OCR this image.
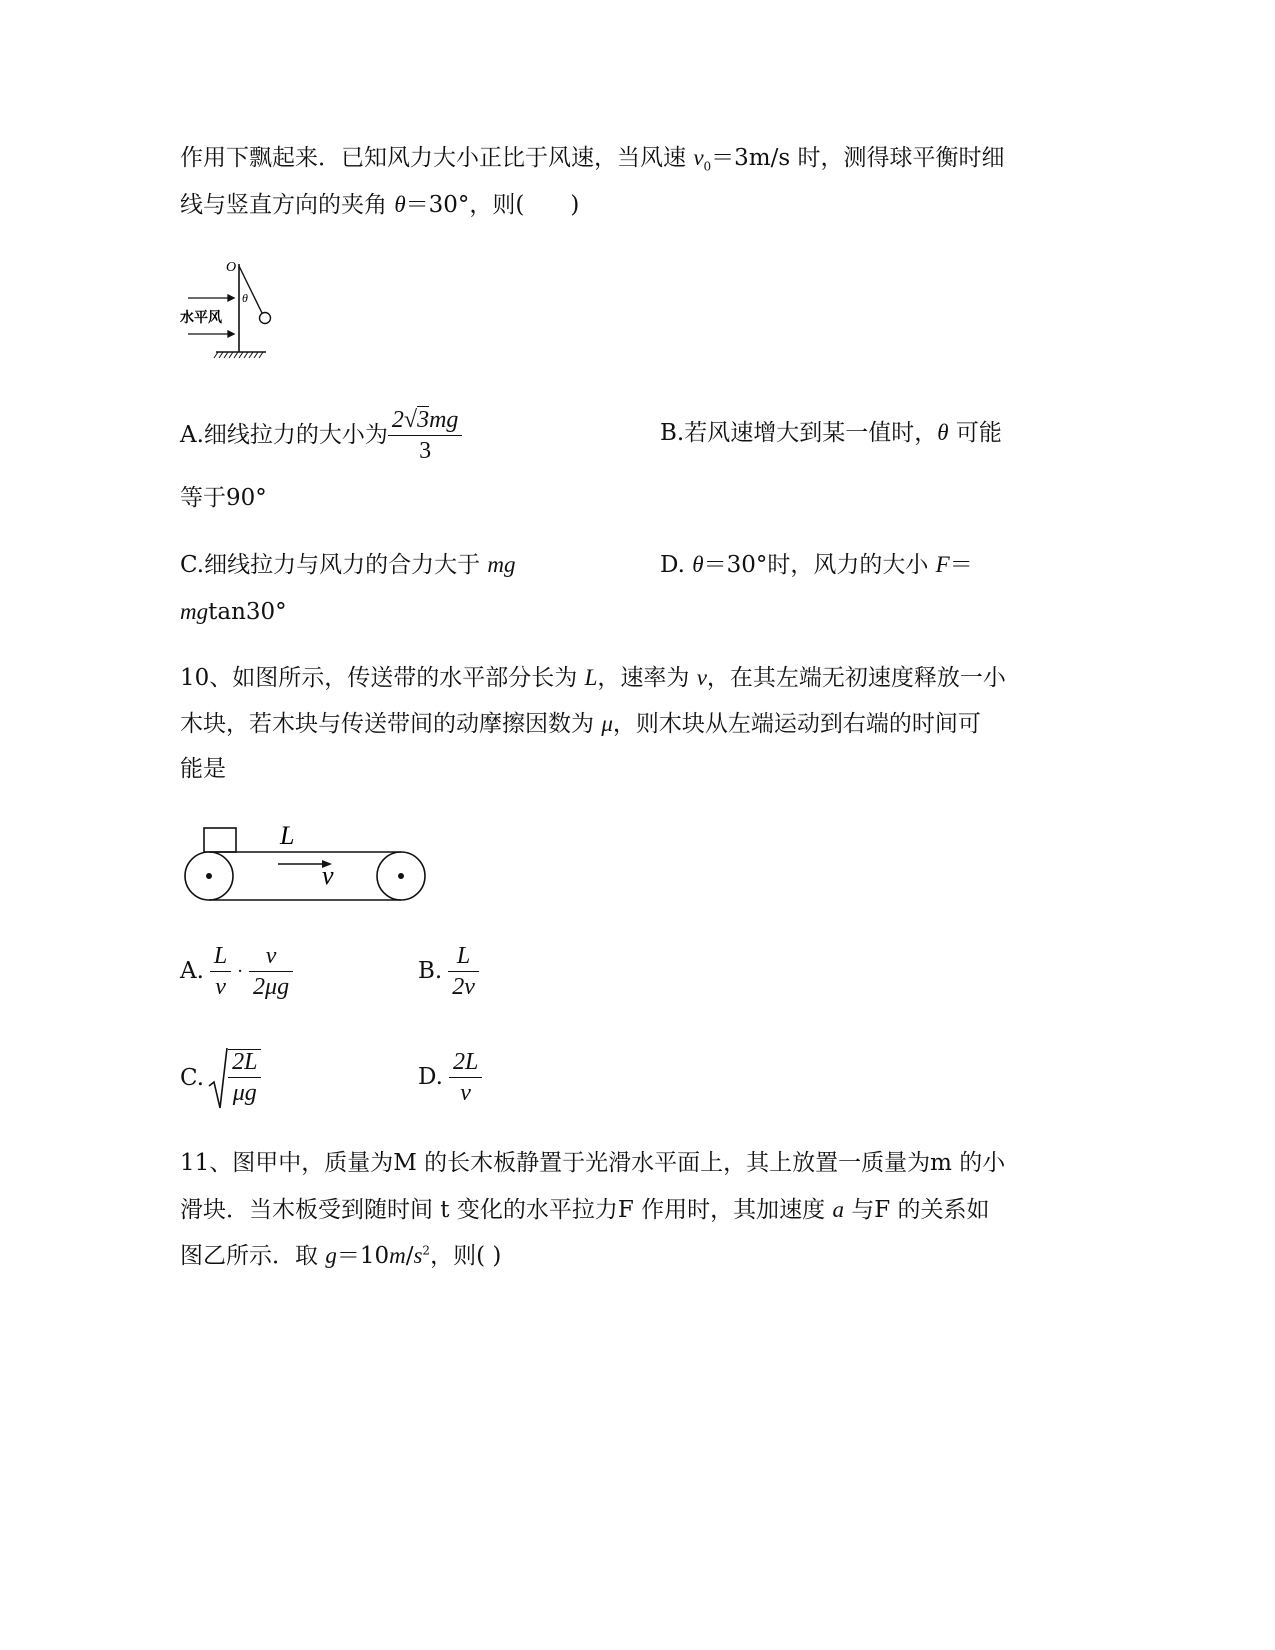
作用下飘起来．已知风力大小正比于风速，当风速 $v_0=3m/s$ 时，测得球平衡时细
线与竖直方向的夹角 θ＝30°，则(　　)
O
θ
水平风
A.细线拉力的大小为 $\frac{2√3mg}{3}$	B.若风速增大到某一值时，θ 可能
等于90°
C.细线拉力与风力的合力大于 mg	D. θ＝30°时，风力的大小 F＝
mgtan30°
10、如图所示，传送带的水平部分长为 L，速率为 v，在其左端无初速度释放一小
木块，若木块与传送带间的动摩擦因数为 μ，则木块从左端运动到右端的时间可
能是
L
v
A. $\frac{L}{v} \cdot \frac{v}{2\mu g}$	B. $\frac{L}{2v}$
C. $\frac{2L}{\mu g}$	D. $\frac{2L}{v}$
11、图甲中，质量为M 的长木板静置于光滑水平面上，其上放置一质量为m 的小
滑块．当木板受到随时间 t 变化的水平拉力F 作用时，其加速度 a 与F 的关系如
图乙所示．取 $g=10m/s^2$，则( )
